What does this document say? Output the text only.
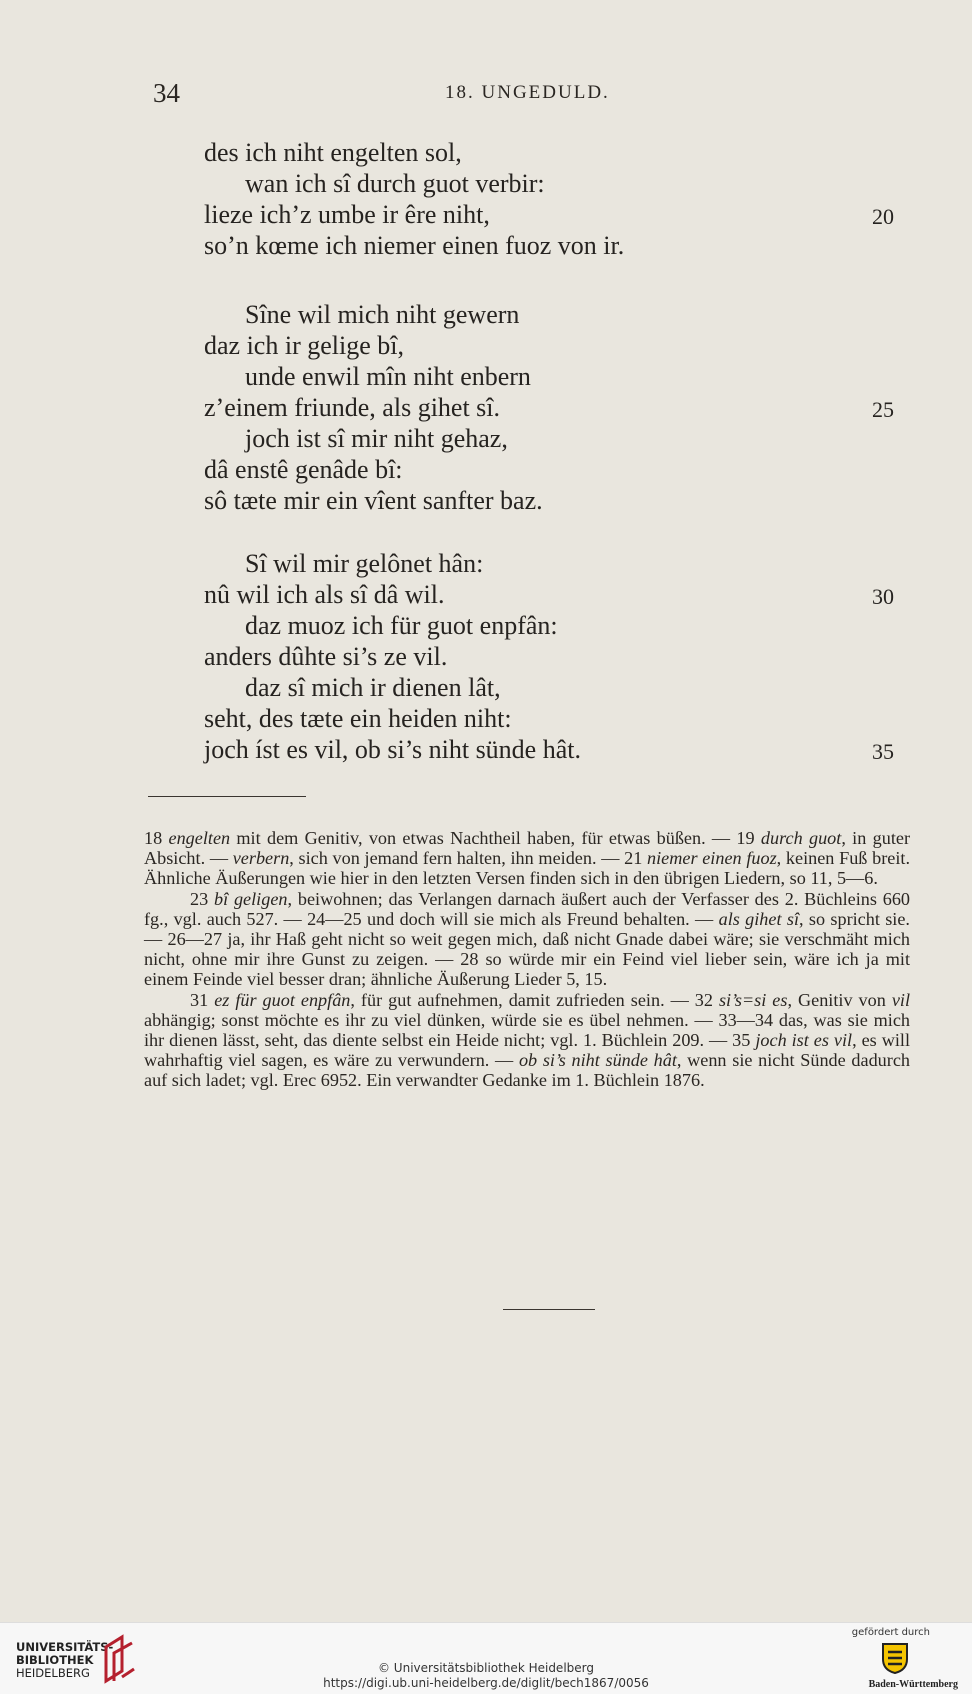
34	18. UNGEDULD.
des ich niht engelten sol,
wan ich sî durch guot verbir:
lieze ich’z umbe ir êre niht,	20
so’n kœme ich niemer einen fuoz von ir.
Sîne wil mich niht gewern
daz ich ir gelige bî,
unde enwil mîn niht enbern
z’einem friunde, als gihet sî.	25
joch ist sî mir niht gehaz,
dâ enstê genâde bî:
sô tæte mir ein vîent sanfter baz.
Sî wil mir gelônet hân:
nû wil ich als sî dâ wil.	30
daz muoz ich für guot enpfân:
anders dûhte si’s ze vil.
daz sî mich ir dienen lât,
seht, des tæte ein heiden niht:
joch íst es vil, ob si’s niht sünde hât.	35

18 engelten mit dem Genitiv, von etwas Nachtheil haben, für etwas büßen. — 19 durch guot, in guter Absicht. — verbern, sich von jemand fern halten, ihn meiden. — 21 niemer einen fuoz, keinen Fuß breit. Ähnliche Äußerungen wie hier in den letzten Versen finden sich in den übrigen Liedern, so 11, 5—6.

23 bî geligen, beiwohnen; das Verlangen darnach äußert auch der Verfasser des 2. Büchleins 660 fg., vgl. auch 527. — 24—25 und doch will sie mich als Freund behalten. — als gihet sî, so spricht sie. — 26—27 ja, ihr Haß geht nicht so weit gegen mich, daß nicht Gnade dabei wäre; sie verschmäht mich nicht, ohne mir ihre Gunst zu zeigen. — 28 so würde mir ein Feind viel lieber sein, wäre ich ja mit einem Feinde viel besser dran; ähnliche Äußerung Lieder 5, 15.

31 ez für guot enpfân, für gut aufnehmen, damit zufrieden sein. — 32 si’s=si es, Genitiv von vil abhängig; sonst möchte es ihr zu viel dünken, würde sie es übel nehmen. — 33—34 das, was sie mich ihr dienen lässt, seht, das diente selbst ein Heide nicht; vgl. 1. Büchlein 209. — 35 joch ist es vil, es will wahrhaftig viel sagen, es wäre zu verwundern. — ob si’s niht sünde hât, wenn sie nicht Sünde dadurch auf sich ladet; vgl. Erec 6952. Ein verwandter Gedanke im 1. Büchlein 1876.

UNIVERSITÄTS-
BIBLIOTHEK
HEIDELBERG	© Universitätsbibliothek Heidelberg
https://digi.ub.uni-heidelberg.de/diglit/bech1867/0056
gefördert durch
Baden-Württemberg
